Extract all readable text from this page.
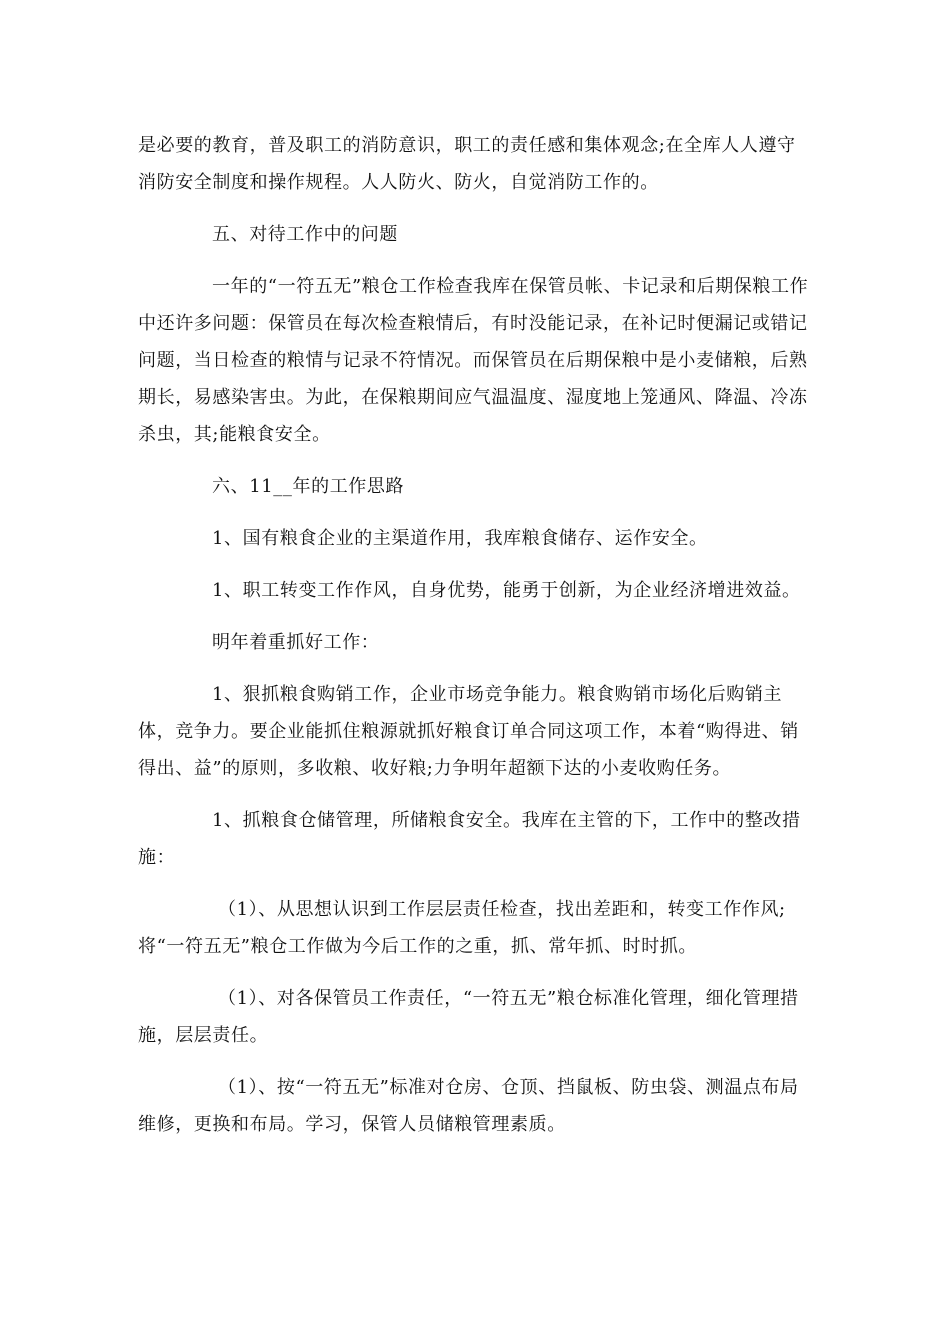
是必要的教育，普及职工的消防意识，职工的责任感和集体观念;在全库人人遵守消防安全制度和操作规程。人人防火、防火，自觉消防工作的。

五、对待工作中的问题

一年的“一符五无”粮仓工作检查我库在保管员帐、卡记录和后期保粮工作中还许多问题：保管员在每次检查粮情后，有时没能记录，在补记时便漏记或错记问题，当日检查的粮情与记录不符情况。而保管员在后期保粮中是小麦储粮，后熟期长，易感染害虫。为此，在保粮期间应气温温度、湿度地上笼通风、降温、冷冻杀虫，其;能粮食安全。

六、11__年的工作思路

1、国有粮食企业的主渠道作用，我库粮食储存、运作安全。

1、职工转变工作作风，自身优势，能勇于创新，为企业经济增进效益。

明年着重抓好工作：

1、狠抓粮食购销工作，企业市场竞争能力。粮食购销市场化后购销主体，竞争力。要企业能抓住粮源就抓好粮食订单合同这项工作，本着“购得进、销得出、益”的原则，多收粮、收好粮;力争明年超额下达的小麦收购任务。

1、抓粮食仓储管理，所储粮食安全。我库在主管的下，工作中的整改措施：

（1）、从思想认识到工作层层责任检查，找出差距和，转变工作作风;将“一符五无”粮仓工作做为今后工作的之重，抓、常年抓、时时抓。

（1）、对各保管员工作责任，“一符五无”粮仓标准化管理，细化管理措施，层层责任。

（1）、按“一符五无”标准对仓房、仓顶、挡鼠板、防虫袋、测温点布局维修，更换和布局。学习，保管人员储粮管理素质。
